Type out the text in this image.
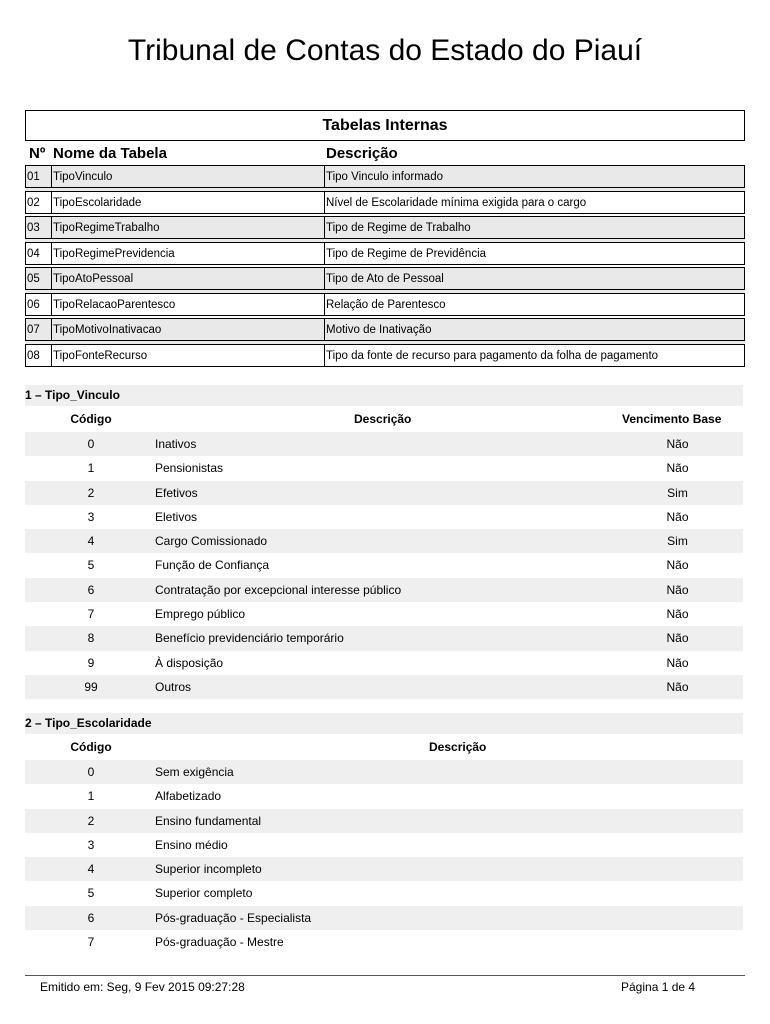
Tribunal de Contas do Estado do Piauí
Tabelas Internas
Nº Nome da Tabela	Descrição
01	TipoVinculo	Tipo Vinculo informado
02	TipoEscolaridade	Nível de Escolaridade mínima exigida para o cargo
03	TipoRegimeTrabalho	Tipo de Regime de Trabalho
04	TipoRegimePrevidencia	Tipo de Regime de Previdência
05	TipoAtoPessoal	Tipo de Ato de Pessoal
06	TipoRelacaoParentesco	Relação de Parentesco
07	TipoMotivoInativacao	Motivo de Inativação
08	TipoFonteRecurso	Tipo da fonte de recurso para pagamento da folha de pagamento
1 – Tipo_Vinculo
Código	Descrição	Vencimento Base
0	Inativos	Não
1	Pensionistas	Não
2	Efetivos	Sim
3	Eletivos	Não
4	Cargo Comissionado	Sim
5	Função de Confiança	Não
6	Contratação por excepcional interesse público	Não
7	Emprego público	Não
8	Benefício previdenciário temporário	Não
9	À disposição	Não
99	Outros	Não
2 – Tipo_Escolaridade
Código	Descrição
0	Sem exigência
1	Alfabetizado
2	Ensino fundamental
3	Ensino médio
4	Superior incompleto
5	Superior completo
6	Pós-graduação - Especialista
7	Pós-graduação - Mestre
Emitido em: Seg, 9 Fev 2015 09:27:28	Página 1 de 4
